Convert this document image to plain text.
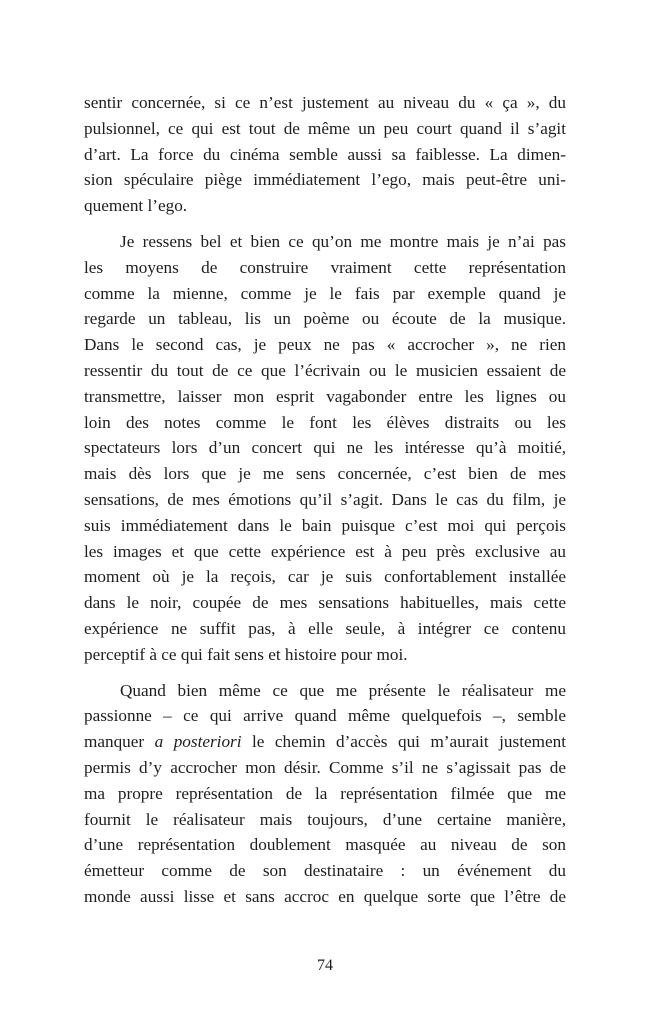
sentir concernée, si ce n’est justement au niveau du « ça », du
pulsionnel, ce qui est tout de même un peu court quand il s’agit
d’art. La force du cinéma semble aussi sa faiblesse. La dimen-
sion spéculaire piège immédiatement l’ego, mais peut-être uni-
quement l’ego.
Je ressens bel et bien ce qu’on me montre mais je n’ai pas
les moyens de construire vraiment cette représentation
comme la mienne, comme je le fais par exemple quand je
regarde un tableau, lis un poème ou écoute de la musique.
Dans le second cas, je peux ne pas « accrocher », ne rien
ressentir du tout de ce que l’écrivain ou le musicien essaient de
transmettre, laisser mon esprit vagabonder entre les lignes ou
loin des notes comme le font les élèves distraits ou les
spectateurs lors d’un concert qui ne les intéresse qu’à moitié,
mais dès lors que je me sens concernée, c’est bien de mes
sensations, de mes émotions qu’il s’agit. Dans le cas du film, je
suis immédiatement dans le bain puisque c’est moi qui perçois
les images et que cette expérience est à peu près exclusive au
moment où je la reçois, car je suis confortablement installée
dans le noir, coupée de mes sensations habituelles, mais cette
expérience ne suffit pas, à elle seule, à intégrer ce contenu
perceptif à ce qui fait sens et histoire pour moi.
Quand bien même ce que me présente le réalisateur me
passionne – ce qui arrive quand même quelquefois –, semble
manquer a posteriori le chemin d’accès qui m’aurait justement
permis d’y accrocher mon désir. Comme s’il ne s’agissait pas de
ma propre représentation de la représentation filmée que me
fournit le réalisateur mais toujours, d’une certaine manière,
d’une représentation doublement masquée au niveau de son
émetteur comme de son destinataire : un événement du
monde aussi lisse et sans accroc en quelque sorte que l’être de
74
